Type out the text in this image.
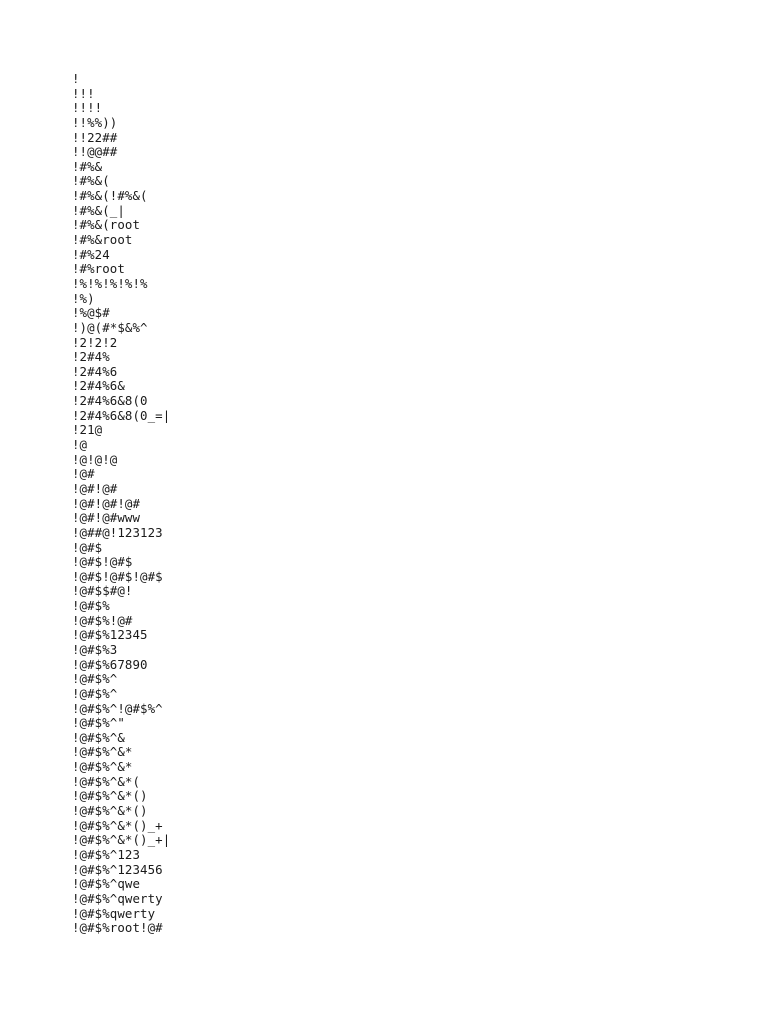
!
!!!
!!!!
!!%%))
!!22##
!!@@##
!#%&
!#%&(
!#%&(!#%&(
!#%&(_|
!#%&(root
!#%&root
!#%24
!#%root
!%!%!%!%!%
!%)
!%@$#
!)@(#*$&%^
!2!2!2
!2#4%
!2#4%6
!2#4%6&
!2#4%6&8(0
!2#4%6&8(0_=|
!21@
!@
!@!@!@
!@#
!@#!@#
!@#!@#!@#
!@#!@#www
!@##@!123123
!@#$
!@#$!@#$
!@#$!@#$!@#$
!@#$$#@!
!@#$%
!@#$%!@#
!@#$%12345
!@#$%3
!@#$%67890
!@#$%^
!@#$%^
!@#$%^!@#$%^
!@#$%^"
!@#$%^&
!@#$%^&*
!@#$%^&*
!@#$%^&*(
!@#$%^&*()
!@#$%^&*()
!@#$%^&*()_+
!@#$%^&*()_+|
!@#$%^123
!@#$%^123456
!@#$%^qwe
!@#$%^qwerty
!@#$%qwerty
!@#$%root!@#
